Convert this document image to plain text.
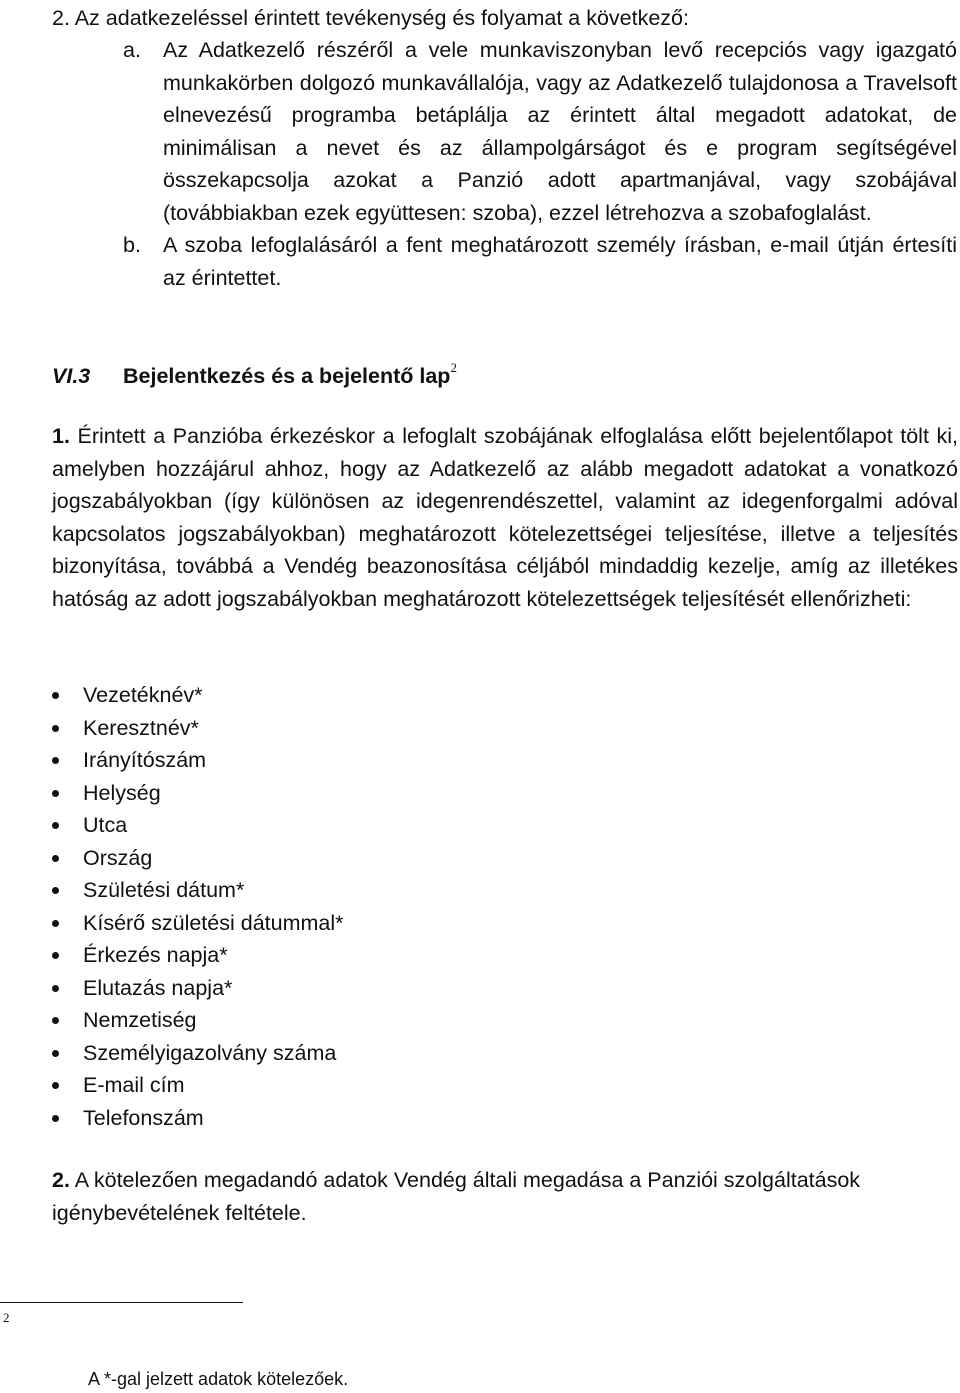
2. Az adatkezeléssel érintett tevékenység és folyamat a következő:
a. Az Adatkezelő részéről a vele munkaviszonyban levő recepciós vagy igazgató munkakörben dolgozó munkavállalója, vagy az Adatkezelő tulajdonosa a Travelsoft elnevezésű programba betáplálja az érintett által megadott adatokat, de minimálisan a nevet és az állampolgárságot és e program segítségével összekapcsolja azokat a Panzió adott apartmanjával, vagy szobájával (továbbiakban ezek együttesen: szoba), ezzel létrehozva a szobafoglalást.
b. A szoba lefoglalásáról a fent meghatározott személy írásban, e-mail útján értesíti az érintettet.
VI.3 Bejelentkezés és a bejelentő lap$^2$
1. Érintett a Panzióba érkezéskor a lefoglalt szobájának elfoglalása előtt bejelentőlapot tölt ki, amelyben hozzájárul ahhoz, hogy az Adatkezelő az alább megadott adatokat a vonatkozó jogszabályokban (így különösen az idegenrendészettel, valamint az idegenforgalmi adóval kapcsolatos jogszabályokban) meghatározott kötelezettségei teljesítése, illetve a teljesítés bizonyítása, továbbá a Vendég beazonosítása céljából mindaddig kezelje, amíg az illetékes hatóság az adott jogszabályokban meghatározott kötelezettségek teljesítését ellenőrizheti:
Vezetéknév*
Keresztnév*
Irányítószám
Helység
Utca
Ország
Születési dátum*
Kísérő születési dátummal*
Érkezés napja*
Elutazás napja*
Nemzetiség
Személyigazolvány száma
E-mail cím
Telefonszám
2. A kötelezően megadandó adatok Vendég általi megadása a Panziói szolgáltatások igénybevételének feltétele.
2
A *-gal jelzett adatok kötelezőek.
